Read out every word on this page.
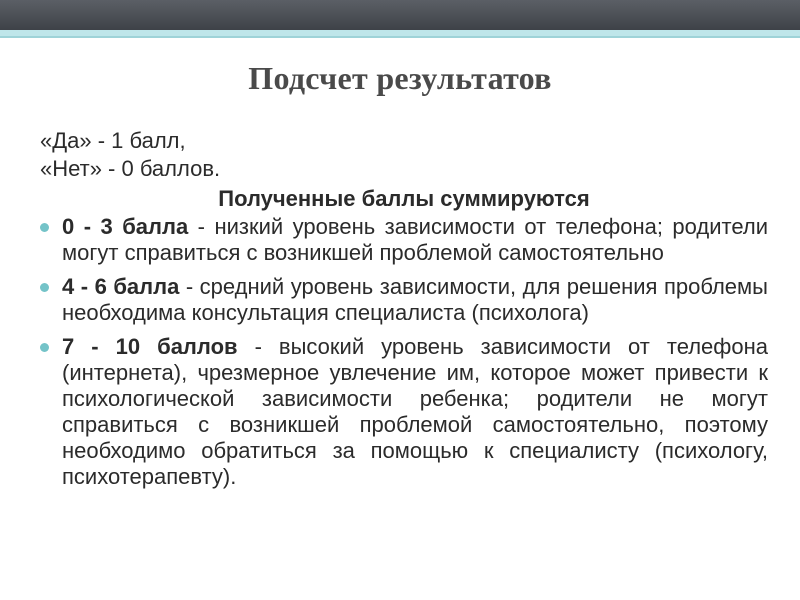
Подсчет результатов

«Да» - 1 балл,

«Нет» - 0 баллов.

Полученные баллы суммируются

0 - 3 балла - низкий уровень зависимости от телефона; родители могут справиться с возникшей проблемой самостоятельно
4 - 6 балла - средний уровень зависимости, для решения проблемы необходима консультация специалиста (психолога)
7 - 10 баллов - высокий уровень зависимости от телефона (интернета), чрезмерное увлечение им, которое может привести к психологической зависимости ребенка; родители не могут справиться с возникшей проблемой самостоятельно, поэтому необходимо обратиться за помощью к специалисту (психологу, психотерапевту).
